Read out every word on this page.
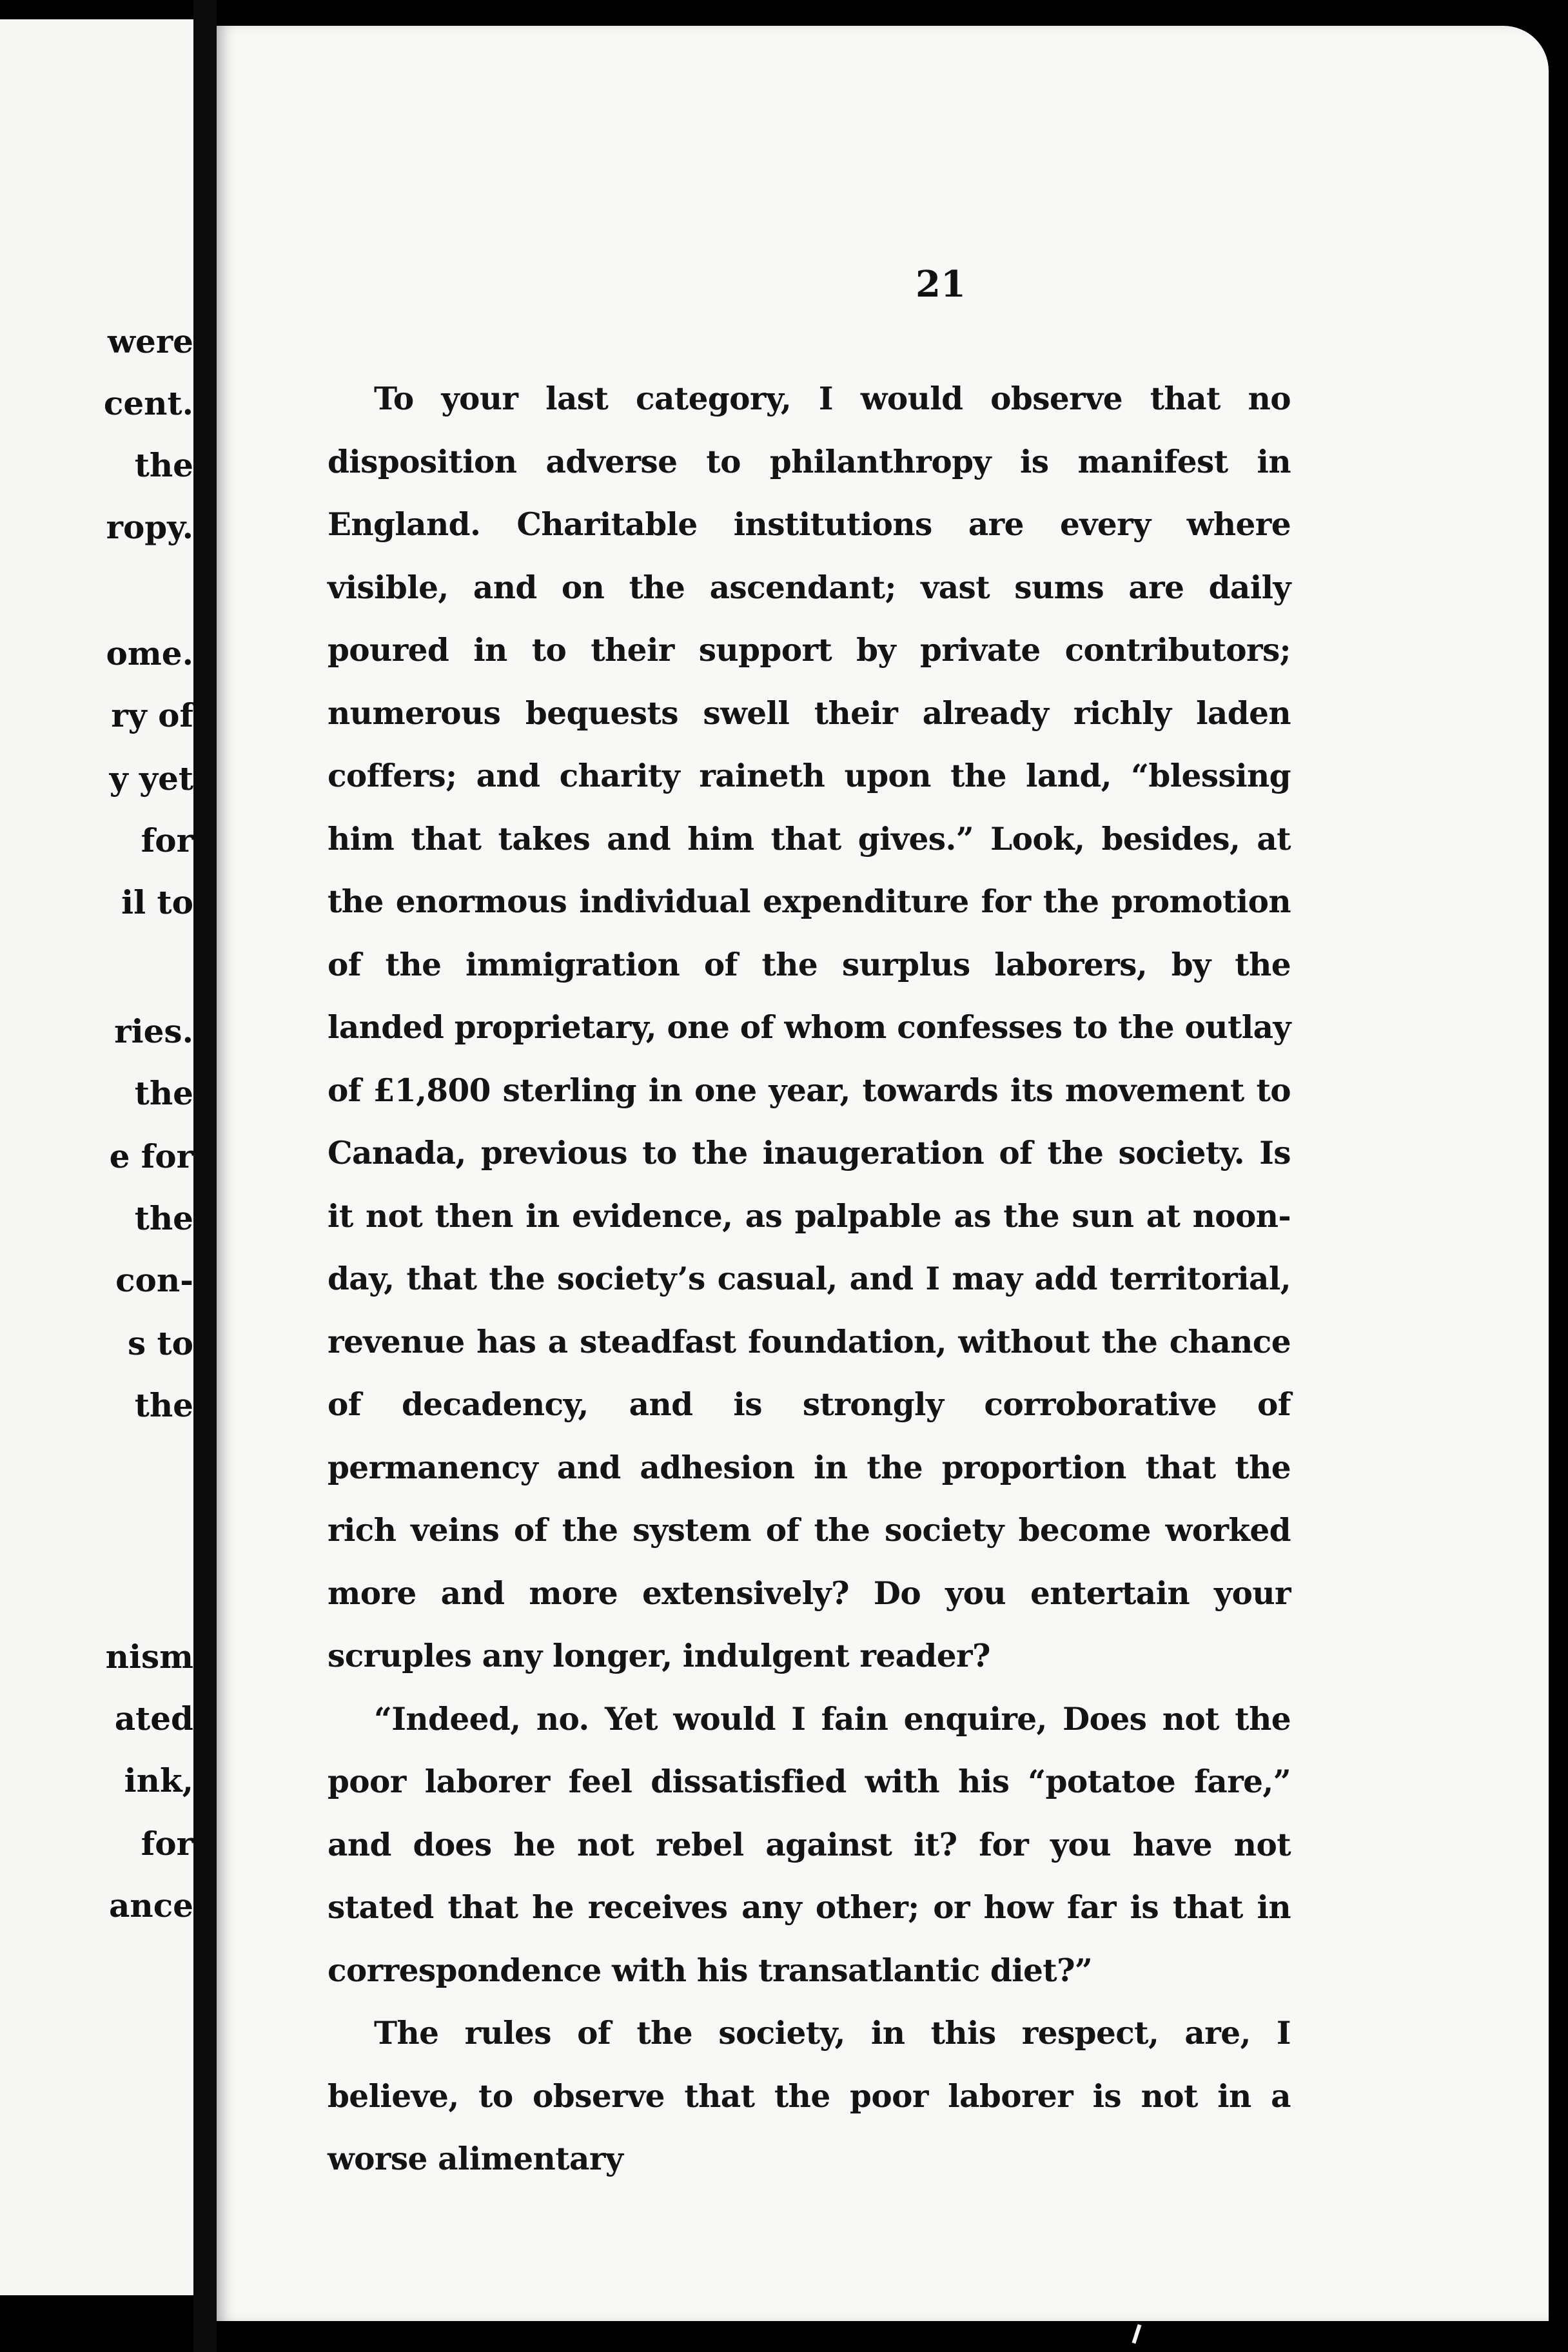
were
cent.
the
ropy.
ome.
ry of
y yet
for
il to
ries.
the
e for
the
con-
s to
the
nism
ated
ink,
for
ance
21

To your last category, I would observe that no disposition adverse to philanthropy is manifest in England. Charitable institutions are every where visible, and on the ascendant; vast sums are daily poured in to their support by private contributors; numerous bequests swell their already richly laden coffers; and charity raineth upon the land, “blessing him that takes and him that gives.” Look, besides, at the enormous individual expenditure for the promotion of the immigration of the surplus laborers, by the landed proprietary, one of whom confesses to the outlay of £1,800 sterling in one year, towards its movement to Canada, previous to the inaugeration of the society. Is it not then in evidence, as palpable as the sun at noon-day, that the society’s casual, and I may add territorial, revenue has a steadfast foundation, without the chance of decadency, and is strongly corroborative of permanency and adhesion in the proportion that the rich veins of the system of the society become worked more and more extensively? Do you entertain your scruples any longer, indulgent reader?

“Indeed, no. Yet would I fain enquire, Does not the poor laborer feel dissatisfied with his “potatoe fare,” and does he not rebel against it? for you have not stated that he receives any other; or how far is that in correspondence with his transatlantic diet?”

The rules of the society, in this respect, are, I believe, to observe that the poor laborer is not in a worse alimentary
